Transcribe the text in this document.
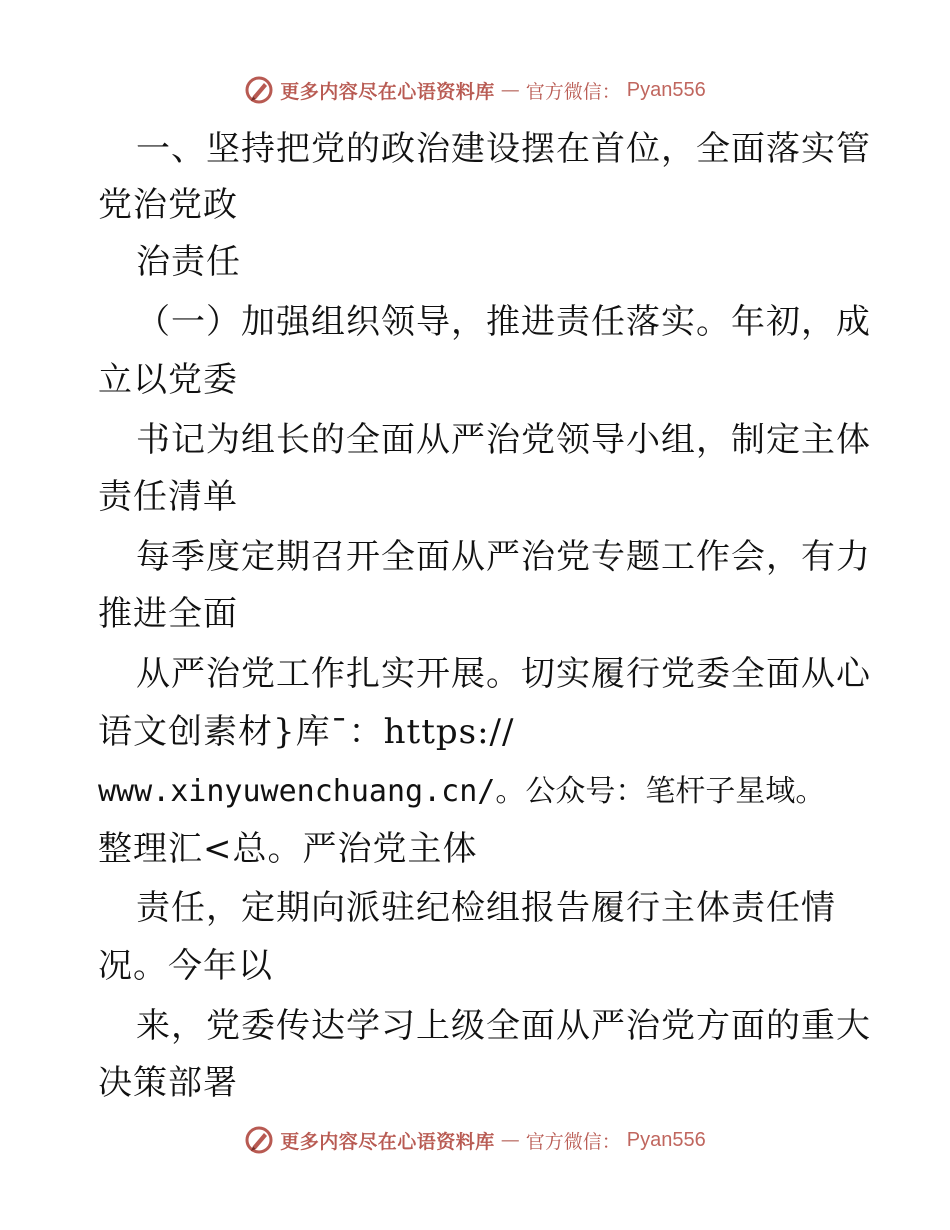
更多内容尽在心语资料库 — 官方微信： Pyan556
一、坚持把党的政治建设摆在首位，全面落实管
党治党政
治责任
（一）加强组织领导，推进责任落实。年初，成
立以党委
书记为组长的全面从严治党领导小组，制定主体
责任清单
每季度定期召开全面从严治党专题工作会，有力
推进全面
从严治党工作扎实开展。切实履行党委全面从心
语文创素材}库¯：https://
www.xinyuwenchuang.cn/。公众号：笔杆子星域。
整理汇<总。严治党主体
责任，定期向派驻纪检组报告履行主体责任情
况。今年以
来，党委传达学习上级全面从严治党方面的重大
决策部署
更多内容尽在心语资料库 — 官方微信： Pyan556
